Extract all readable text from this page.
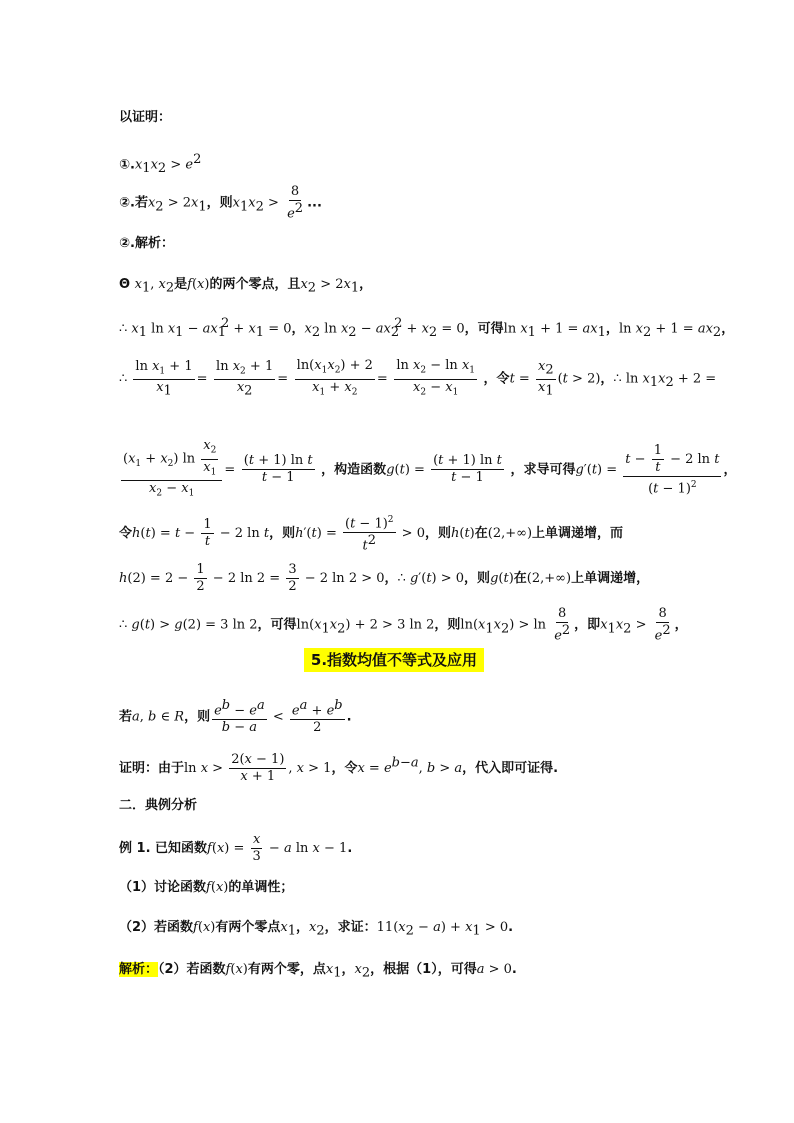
以证明：
$①.x_1x_2 > e^2$
②.若$x_2 > 2x_1$，则$x_1x_2 > \frac{8}{e^2}$ ...
②.解析：
Θ $x_1$, $x_2$是f(x)的两个零点，且$x_2 > 2x_1$，
∴ $x_1$ $\ln x_1 - ax_1^2 + x_1 = 0$，$x_2$ $\ln x_2 - ax_2^2 + x_2 = 0$，可得$\ln x_1 + 1 = ax_1$，$\ln x_2 + 1 = ax_2$，
∴ $\frac{\ln x_1 + 1}{x_1} = \frac{\ln x_2 + 1}{x_2} = \frac{\ln(x_1x_2) + 2}{x_1 + x_2} = \frac{\ln x_2 - \ln x_1}{x_2 - x_1}$ ，令$t = \frac{x_2}{x_1} (t > 2)$，∴ $\ln x_1x_2 + 2$ =
$\frac{(x_1 + x_2) \ln \frac{x_2}{x_1}}{x_2 - x_1} = \frac{\text{(t + 1) ln t}}{t - 1}$ ，构造函数$g(t) = \frac{\text{(t + 1) ln t}}{t - 1}$ ，求导可得$g'(t) = \frac{t - \frac{1}{t} - 2 \ln t}{(t - 1)^2}$ ，
令$h(t) = t - \frac{1}{t} - 2$ ln t，则$h'(t) = \frac{(t - 1)^2}{t^2} > 0$，则h(t)在(2,+∞)上单调递增，而
$h(2) = 2 - \frac{1}{2} - 2$ $\ln 2 = \frac{3}{2} - 2$ ln 2 > 0，∴ g′(t) > 0，则g(t)在(2,+∞)上单调递增，
∴ g(t) > g(2) = 3 ln 2，可得$\ln(x_1x_2) + 2 > 3$ ln 2，则$\ln(x_1x_2) > \ln \frac{8}{e^2}$ ，即$x_1x_2 > \frac{8}{e^2}$ ，
5.指数均值不等式及应用
若a, b ∈ R，则 $\frac{e^b - e^a}{b - a} < \frac{e^a + e^b}{2}$ .
证明：由于$\ln x > \frac{2(x - 1)}{x + 1}$ , x > 1，令$x = e^{b-a}$, b > a，代入即可证得.
二．典例分析
例 1. 已知函数$f(x) = \frac{x}{3} - a$ ln x − 1.
（1）讨论函数f(x)的单调性；
（2）若函数f(x)有两个零点$x_1$，$x_2$，求证：$11(x_2 - a) + x_1 > 0$.
解析：（2）若函数f(x)有两个零，点$x_1$，$x_2$，根据（1），可得a > 0.
